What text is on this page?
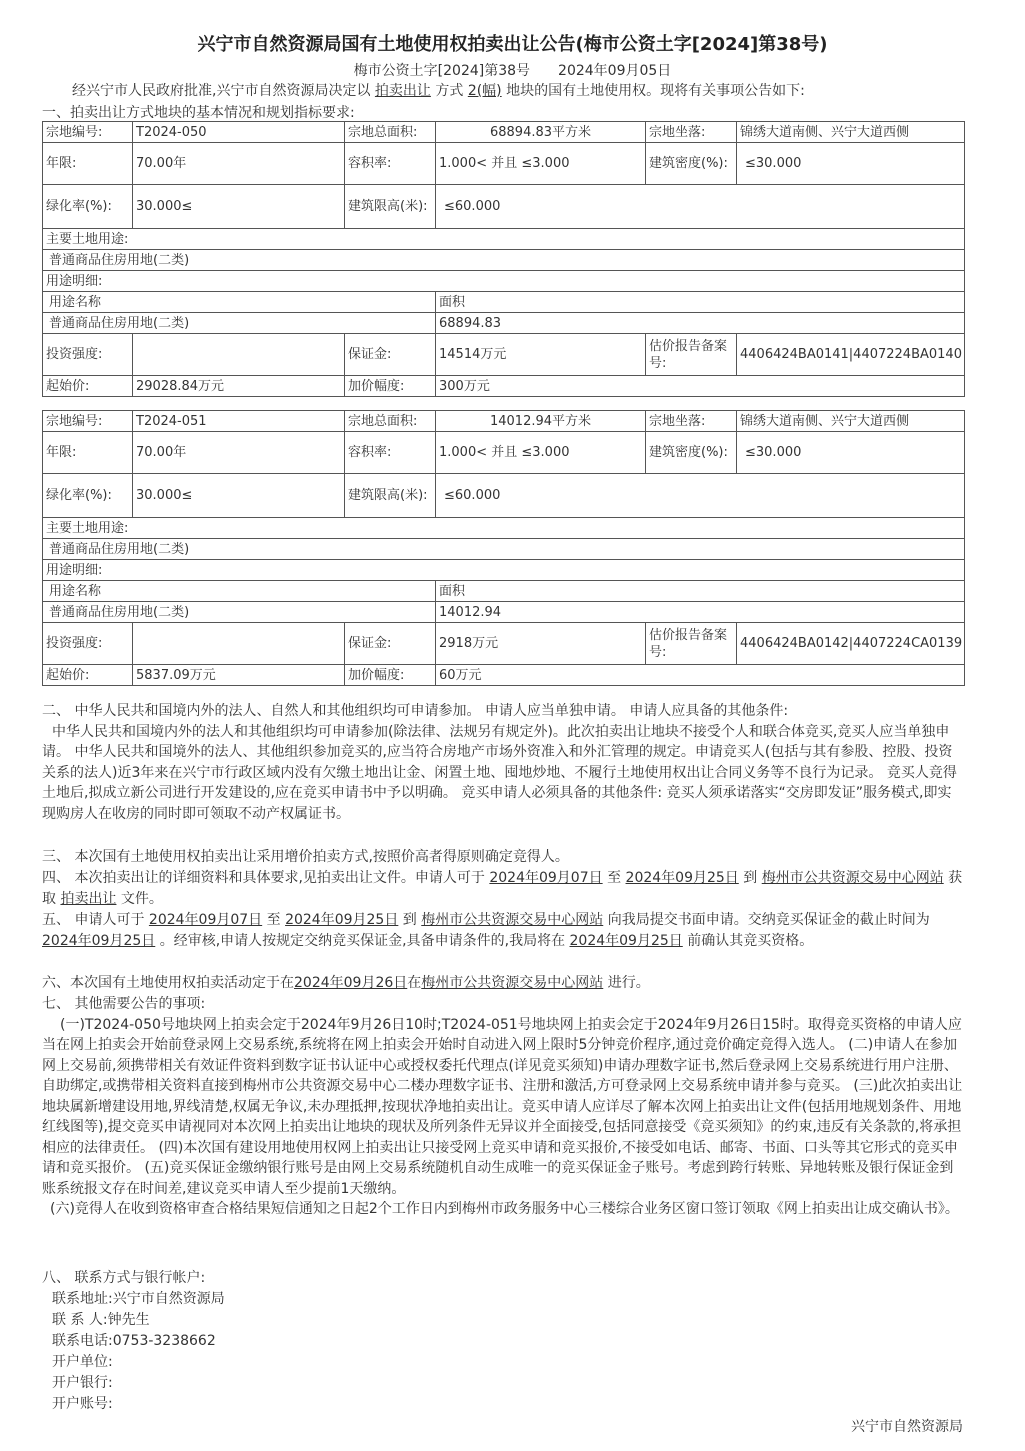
兴宁市自然资源局国有土地使用权拍卖出让公告(梅市公资土字[2024]第38号)
梅市公资土字[2024]第38号 2024年09月05日
经兴宁市人民政府批准,兴宁市自然资源局决定以 拍卖出让 方式 2(幅) 地块的国有土地使用权。现将有关事项公告如下:
一、拍卖出让方式地块的基本情况和规划指标要求:
宗地编号:	T2024-050	宗地总面积:	68894.83平方米	宗地坐落:	锦绣大道南侧、兴宁大道西侧
年限:	70.00年	容积率:	1.000< 并且 ≤3.000	建筑密度(%):	≤30.000
绿化率(%):	30.000≤	建筑限高(米):	≤60.000		
主要土地用途:					
普通商品住房用地(二类)					
用途明细:					
用途名称			面积		
普通商品住房用地(二类)			68894.83		
投资强度:		保证金:	14514万元	估价报告备案号:	4406424BA0141|4407224BA0140
起始价:	29028.84万元	加价幅度:	300万元		
宗地编号:	T2024-051	宗地总面积:	14012.94平方米	宗地坐落:	锦绣大道南侧、兴宁大道西侧
年限:	70.00年	容积率:	1.000< 并且 ≤3.000	建筑密度(%):	≤30.000
绿化率(%):	30.000≤	建筑限高(米):	≤60.000		
主要土地用途:					
普通商品住房用地(二类)					
用途明细:					
用途名称			面积		
普通商品住房用地(二类)			14012.94		
投资强度:		保证金:	2918万元	估价报告备案号:	4406424BA0142|4407224CA0139
起始价:	5837.09万元	加价幅度:	60万元		
二、 中华人民共和国境内外的法人、自然人和其他组织均可申请参加。 申请人应当单独申请。 申请人应具备的其他条件:
中华人民共和国境内外的法人和其他组织均可申请参加(除法律、法规另有规定外)。此次拍卖出让地块不接受个人和联合体竞买,竞买人应当单独申请。 中华人民共和国境外的法人、其他组织参加竞买的,应当符合房地产市场外资准入和外汇管理的规定。申请竞买人(包括与其有参股、控股、投资关系的法人)近3年来在兴宁市行政区域内没有欠缴土地出让金、闲置土地、囤地炒地、不履行土地使用权出让合同义务等不良行为记录。 竞买人竞得土地后,拟成立新公司进行开发建设的,应在竞买申请书中予以明确。 竞买申请人必须具备的其他条件: 竞买人须承诺落实“交房即发证”服务模式,即实现购房人在收房的同时即可领取不动产权属证书。
三、 本次国有土地使用权拍卖出让采用增价拍卖方式,按照价高者得原则确定竞得人。
四、 本次拍卖出让的详细资料和具体要求,见拍卖出让文件。申请人可于 2024年09月07日 至 2024年09月25日 到 梅州市公共资源交易中心网站 获取 拍卖出让 文件。
五、 申请人可于 2024年09月07日 至 2024年09月25日 到 梅州市公共资源交易中心网站 向我局提交书面申请。交纳竞买保证金的截止时间为2024年09月25日 。经审核,申请人按规定交纳竞买保证金,具备申请条件的,我局将在 2024年09月25日 前确认其竞买资格。
六、本次国有土地使用权拍卖活动定于在2024年09月26日在梅州市公共资源交易中心网站 进行。
七、 其他需要公告的事项:
(一)T2024-050号地块网上拍卖会定于2024年9月26日10时;T2024-051号地块网上拍卖会定于2024年9月26日15时。取得竞买资格的申请人应当在网上拍卖会开始前登录网上交易系统,系统将在网上拍卖会开始时自动进入网上限时5分钟竞价程序,通过竞价确定竞得入选人。 (二)申请人在参加网上交易前,须携带相关有效证件资料到数字证书认证中心或授权委托代理点(详见竞买须知)申请办理数字证书,然后登录网上交易系统进行用户注册、自助绑定,或携带相关资料直接到梅州市公共资源交易中心二楼办理数字证书、注册和激活,方可登录网上交易系统申请并参与竞买。 (三)此次拍卖出让地块属新增建设用地,界线清楚,权属无争议,未办理抵押,按现状净地拍卖出让。竞买申请人应详尽了解本次网上拍卖出让文件(包括用地规划条件、用地红线图等),提交竞买申请视同对本次网上拍卖出让地块的现状及所列条件无异议并全面接受,包括同意接受《竞买须知》的约束,违反有关条款的,将承担相应的法律责任。 (四)本次国有建设用地使用权网上拍卖出让只接受网上竞买申请和竞买报价,不接受如电话、邮寄、书面、口头等其它形式的竞买申请和竞买报价。 (五)竞买保证金缴纳银行账号是由网上交易系统随机自动生成唯一的竞买保证金子账号。考虑到跨行转账、异地转账及银行保证金到账系统报文存在时间差,建议竞买申请人至少提前1天缴纳。
(六)竞得人在收到资格审查合格结果短信通知之日起2个工作日内到梅州市政务服务中心三楼综合业务区窗口签订领取《网上拍卖出让成交确认书》。
八、 联系方式与银行帐户:
联系地址:兴宁市自然资源局
联 系 人:钟先生
联系电话:0753-3238662
开户单位:
开户银行:
开户账号:
兴宁市自然资源局
